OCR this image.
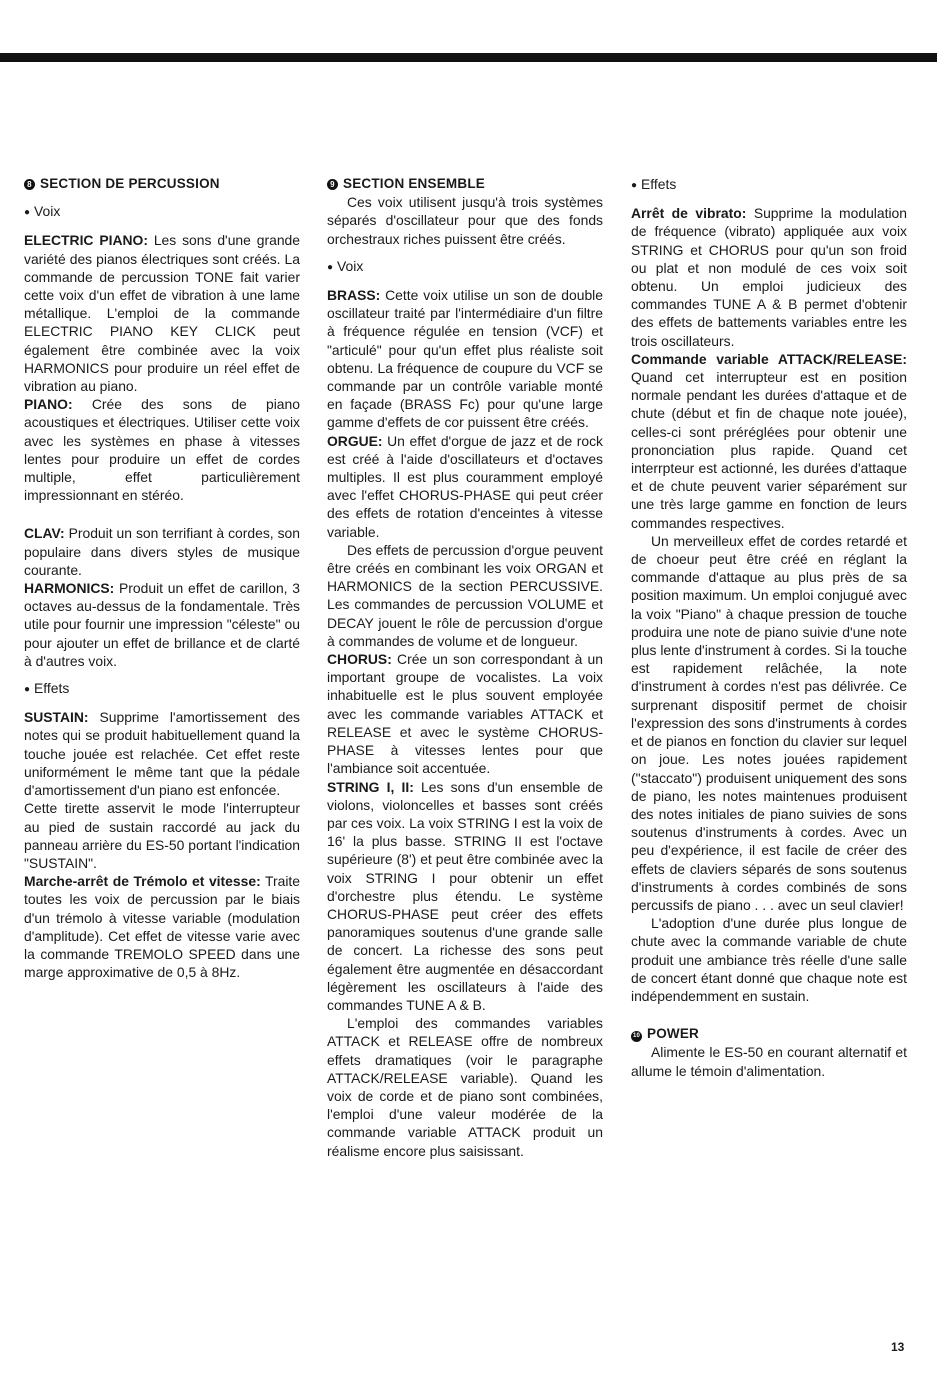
8 SECTION DE PERCUSSION

● Voix

ELECTRIC PIANO: Les sons d'une grande variété des pianos électriques sont créés. La commande de percussion TONE fait varier cette voix d'un effet de vibration à une lame métallique. L'emploi de la commande ELECTRIC PIANO KEY CLICK peut également être combinée avec la voix HARMONICS pour produire un réel effet de vibration au piano.

PIANO: Crée des sons de piano acoustiques et électriques. Utiliser cette voix avec les systèmes en phase à vitesses lentes pour produire un effet de cordes multiple, effet particulièrement impressionnant en stéréo.

CLAV: Produit un son terrifiant à cordes, son populaire dans divers styles de musique courante.

HARMONICS: Produit un effet de carillon, 3 octaves au-dessus de la fondamentale. Très utile pour fournir une impression "céleste" ou pour ajouter un effet de brillance et de clarté à d'autres voix.

● Effets

SUSTAIN: Supprime l'amortissement des notes qui se produit habituellement quand la touche jouée est relachée. Cet effet reste uniformément le même tant que la pédale d'amortissement d'un piano est enfoncée.

Cette tirette asservit le mode l'interrupteur au pied de sustain raccordé au jack du panneau arrière du ES-50 portant l'indication "SUSTAIN".

Marche-arrêt de Trémolo et vitesse: Traite toutes les voix de percussion par le biais d'un trémolo à vitesse variable (modulation d'amplitude). Cet effet de vitesse varie avec la commande TREMOLO SPEED dans une marge approximative de 0,5 à 8Hz.

9 SECTION ENSEMBLE

Ces voix utilisent jusqu'à trois systèmes séparés d'oscillateur pour que des fonds orchestraux riches puissent être créés.

● Voix

BRASS: Cette voix utilise un son de double oscillateur traité par l'intermédiaire d'un filtre à fréquence régulée en tension (VCF) et "articulé" pour qu'un effet plus réaliste soit obtenu. La fréquence de coupure du VCF se commande par un contrôle variable monté en façade (BRASS Fc) pour qu'une large gamme d'effets de cor puissent être créés.

ORGUE: Un effet d'orgue de jazz et de rock est créé à l'aide d'oscillateurs et d'octaves multiples. Il est plus couramment employé avec l'effet CHORUS-PHASE qui peut créer des effets de rotation d'enceintes à vitesse variable.

Des effets de percussion d'orgue peuvent être créés en combinant les voix ORGAN et HARMONICS de la section PERCUSSIVE. Les commandes de percussion VOLUME et DECAY jouent le rôle de percussion d'orgue à commandes de volume et de longueur.

CHORUS: Crée un son correspondant à un important groupe de vocalistes. La voix inhabituelle est le plus souvent employée avec les commande variables ATTACK et RELEASE et avec le système CHORUS-PHASE à vitesses lentes pour que l'ambiance soit accentuée.

STRING I, II: Les sons d'un ensemble de violons, violoncelles et basses sont créés par ces voix. La voix STRING I est la voix de 16' la plus basse. STRING II est l'octave supérieure (8') et peut être combinée avec la voix STRING I pour obtenir un effet d'orchestre plus étendu. Le système CHORUS-PHASE peut créer des effets panoramiques soutenus d'une grande salle de concert. La richesse des sons peut également être augmentée en désaccordant légèrement les oscillateurs à l'aide des commandes TUNE A & B.

L'emploi des commandes variables ATTACK et RELEASE offre de nombreux effets dramatiques (voir le paragraphe ATTACK/RELEASE variable). Quand les voix de corde et de piano sont combinées, l'emploi d'une valeur modérée de la commande variable ATTACK produit un réalisme encore plus saisissant.

● Effets

Arrêt de vibrato: Supprime la modulation de fréquence (vibrato) appliquée aux voix STRING et CHORUS pour qu'un son froid ou plat et non modulé de ces voix soit obtenu. Un emploi judicieux des commandes TUNE A & B permet d'obtenir des effets de battements variables entre les trois oscillateurs.

Commande variable ATTACK/RELEASE: Quand cet interrupteur est en position normale pendant les durées d'attaque et de chute (début et fin de chaque note jouée), celles-ci sont préréglées pour obtenir une prononciation plus rapide. Quand cet interrpteur est actionné, les durées d'attaque et de chute peuvent varier séparément sur une très large gamme en fonction de leurs commandes respectives.

Un merveilleux effet de cordes retardé et de choeur peut être créé en réglant la commande d'attaque au plus près de sa position maximum. Un emploi conjugué avec la voix "Piano" à chaque pression de touche produira une note de piano suivie d'une note plus lente d'instrument à cordes. Si la touche est rapidement relâchée, la note d'instrument à cordes n'est pas délivrée. Ce surprenant dispositif permet de choisir l'expression des sons d'instruments à cordes et de pianos en fonction du clavier sur lequel on joue. Les notes jouées rapidement ("staccato") produisent uniquement des sons de piano, les notes maintenues produisent des notes initiales de piano suivies de sons soutenus d'instruments à cordes. Avec un peu d'expérience, il est facile de créer des effets de claviers séparés de sons soutenus d'instruments à cordes combinés de sons percussifs de piano . . . avec un seul clavier!

L'adoption d'une durée plus longue de chute avec la commande variable de chute produit une ambiance très réelle d'une salle de concert étant donné que chaque note est indépendemment en sustain.

10 POWER

Alimente le ES-50 en courant alternatif et allume le témoin d'alimentation.

13
